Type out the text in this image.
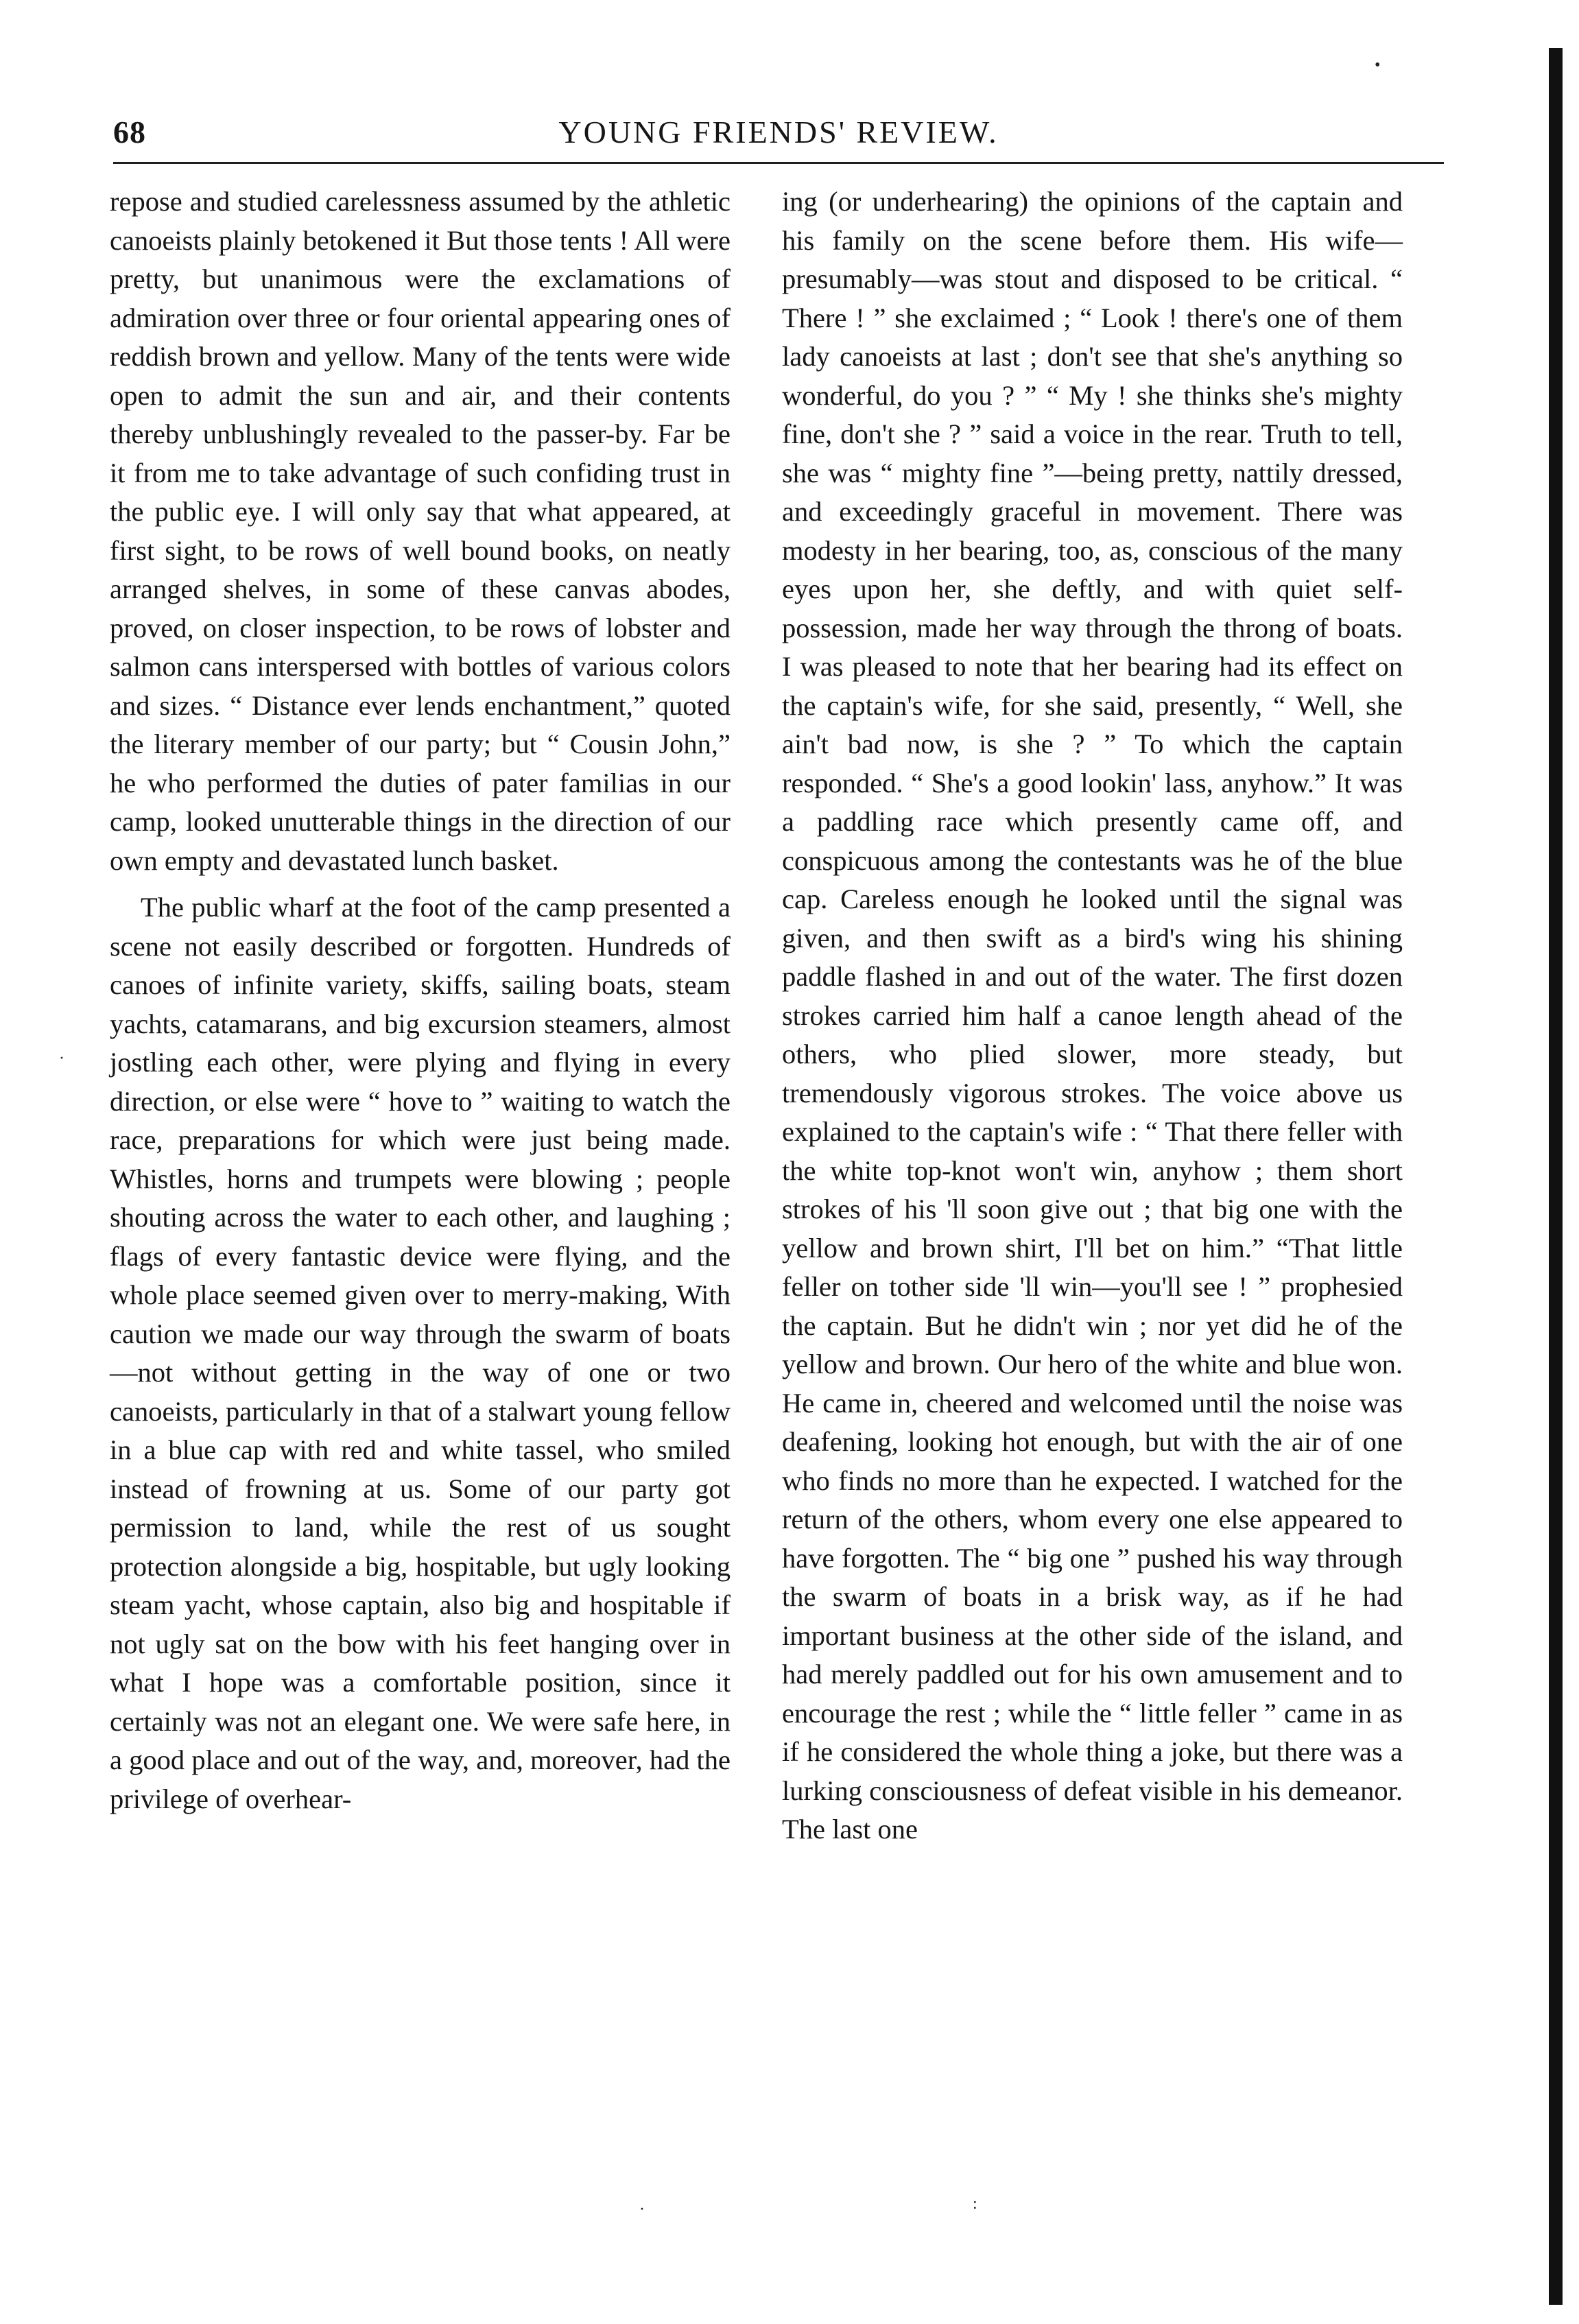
68	YOUNG FRIENDS' REVIEW.

repose and studied carelessness assumed by the athletic canoeists plainly betokened it But those tents ! All were pretty, but unanimous were the exclamations of admiration over three or four oriental appearing ones of reddish brown and yellow. Many of the tents were wide open to admit the sun and air, and their contents thereby unblushingly revealed to the passer-by. Far be it from me to take advantage of such confiding trust in the public eye. I will only say that what appeared, at first sight, to be rows of well bound books, on neatly arranged shelves, in some of these canvas abodes, proved, on closer inspection, to be rows of lobster and salmon cans interspersed with bottles of various colors and sizes. “ Distance ever lends enchantment,” quoted the literary member of our party; but “ Cousin John,” he who performed the duties of pater familias in our camp, looked unutterable things in the direction of our own empty and devastated lunch basket.

The public wharf at the foot of the camp presented a scene not easily described or forgotten. Hundreds of canoes of infinite variety, skiffs, sailing boats, steam yachts, catamarans, and big excursion steamers, almost jostling each other, were plying and flying in every direction, or else were “ hove to ” waiting to watch the race, preparations for which were just being made. Whistles, horns and trumpets were blowing ; people shouting across the water to each other, and laughing ; flags of every fantastic device were flying, and the whole place seemed given over to merry-making, With caution we made our way through the swarm of boats—not without getting in the way of one or two canoeists, particularly in that of a stalwart young fellow in a blue cap with red and white tassel, who smiled instead of frowning at us. Some of our party got permission to land, while the rest of us sought protection alongside a big, hospitable, but ugly looking steam yacht, whose captain, also big and hospitable if not ugly sat on the bow with his feet hanging over in what I hope was a comfortable position, since it certainly was not an elegant one. We were safe here, in a good place and out of the way, and, moreover, had the privilege of overhear-

ing (or underhearing) the opinions of the captain and his family on the scene before them. His wife—presumably—was stout and disposed to be critical. “ There ! ” she exclaimed ; “ Look ! there's one of them lady canoeists at last ; don't see that she's anything so wonderful, do you ? ” “ My ! she thinks she's mighty fine, don't she ? ” said a voice in the rear. Truth to tell, she was “ mighty fine ”—being pretty, nattily dressed, and exceedingly graceful in movement. There was modesty in her bearing, too, as, conscious of the many eyes upon her, she deftly, and with quiet self-possession, made her way through the throng of boats. I was pleased to note that her bearing had its effect on the captain's wife, for she said, presently, “ Well, she ain't bad now, is she ? ” To which the captain responded. “ She's a good lookin' lass, anyhow.” It was a paddling race which presently came off, and conspicuous among the contestants was he of the blue cap. Careless enough he looked until the signal was given, and then swift as a bird's wing his shining paddle flashed in and out of the water. The first dozen strokes carried him half a canoe length ahead of the others, who plied slower, more steady, but tremendously vigorous strokes. The voice above us explained to the captain's wife : “ That there feller with the white top-knot won't win, anyhow ; them short strokes of his 'll soon give out ; that big one with the yellow and brown shirt, I'll bet on him.” “That little feller on tother side 'll win—you'll see ! ” prophesied the captain. But he didn't win ; nor yet did he of the yellow and brown. Our hero of the white and blue won. He came in, cheered and welcomed until the noise was deafening, looking hot enough, but with the air of one who finds no more than he expected. I watched for the return of the others, whom every one else appeared to have forgotten. The “ big one ” pushed his way through the swarm of boats in a brisk way, as if he had important business at the other side of the island, and had merely paddled out for his own amusement and to encourage the rest ; while the “ little feller ” came in as if he considered the whole thing a joke, but there was a lurking consciousness of defeat visible in his demeanor. The last one

•
·
·	:
